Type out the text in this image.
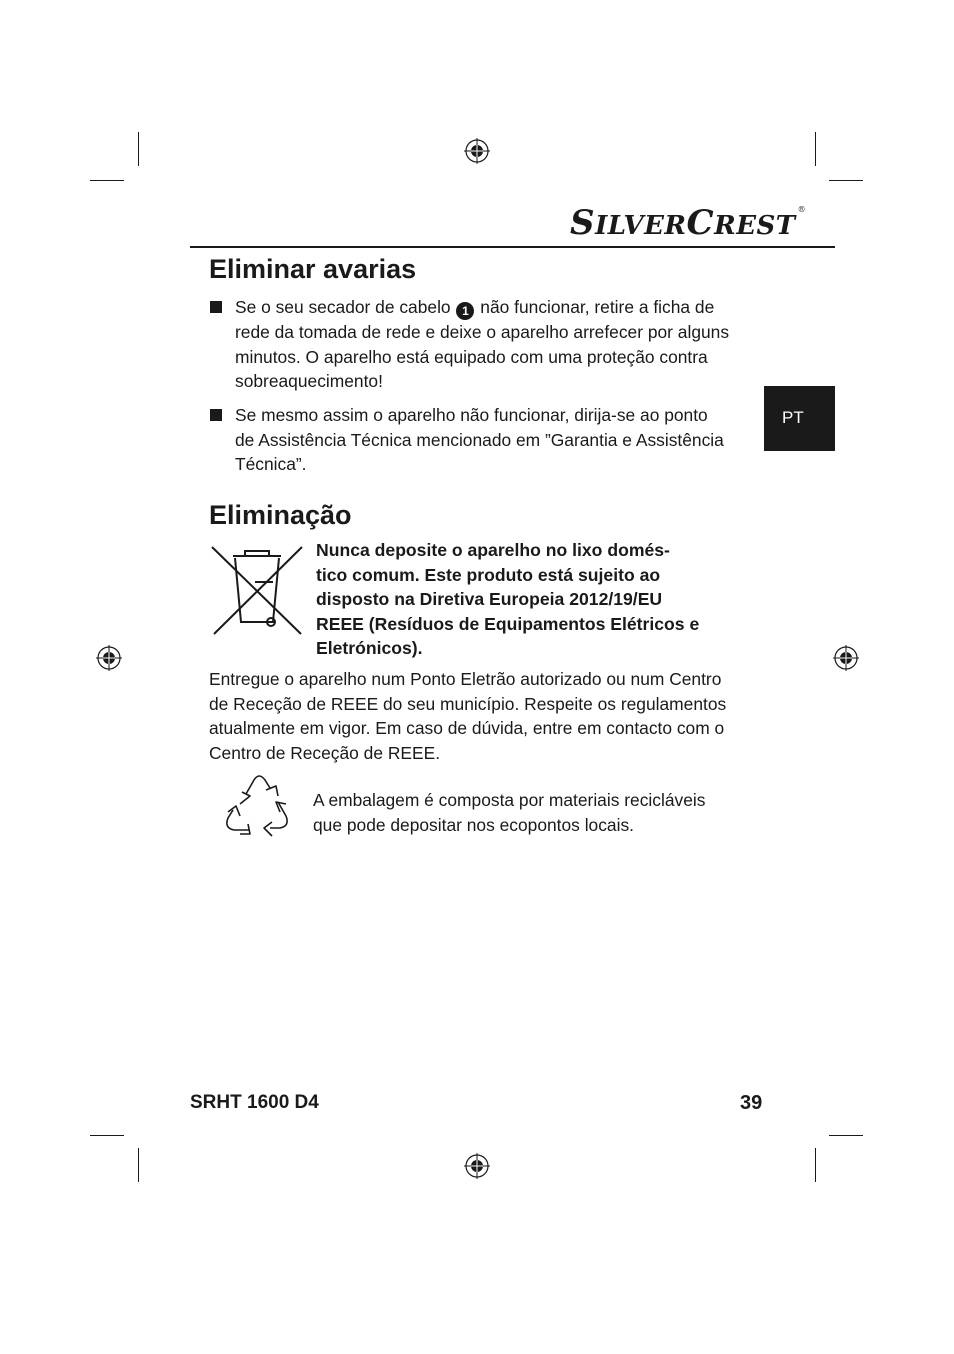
SILVERCREST®
PT
Eliminar avarias
Se o seu secador de cabelo 1 não funcionar, retire a ficha de
rede da tomada de rede e deixe o aparelho arrefecer por alguns
minutos. O aparelho está equipado com uma proteção contra
sobreaquecimento!
Se mesmo assim o aparelho não funcionar, dirija-se ao ponto
de Assistência Técnica mencionado em ”Garantia e Assistência
Técnica”.
Eliminação
Nunca deposite o aparelho no lixo domés-
tico comum. Este produto está sujeito ao
disposto na Diretiva Europeia 2012/19/EU
REEE (Resíduos de Equipamentos Elétricos e
Eletrónicos).
Entregue o aparelho num Ponto Eletrão autorizado ou num Centro
de Receção de REEE do seu município. Respeite os regulamentos
atualmente em vigor. Em caso de dúvida, entre em contacto com o
Centro de Receção de REEE.
A embalagem é composta por materiais recicláveis
que pode depositar nos ecopontos locais.
SRHT 1600 D4	39
